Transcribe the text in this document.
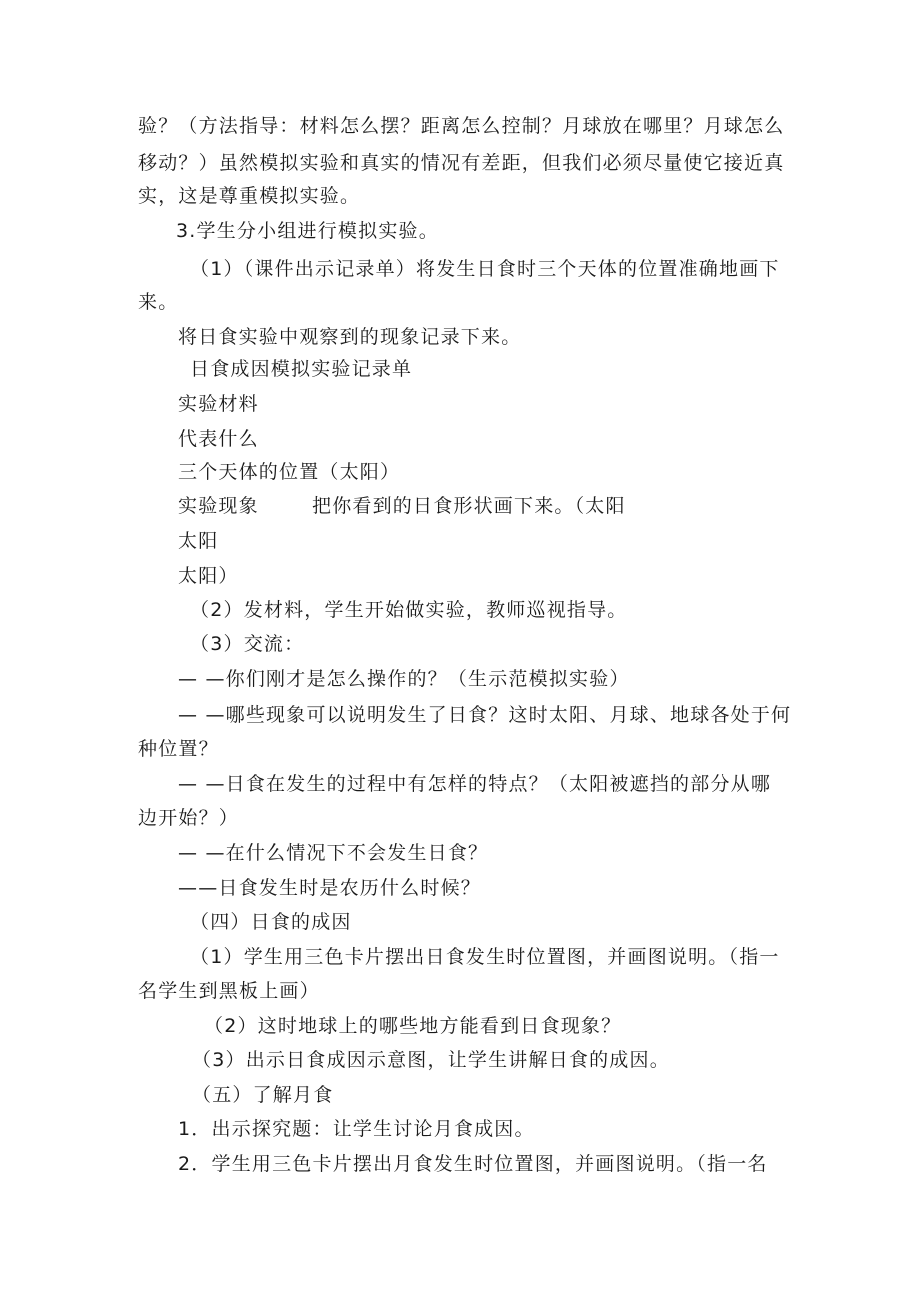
验？（方法指导：材料怎么摆？距离怎么控制？月球放在哪里？月球怎么
移动？）虽然模拟实验和真实的情况有差距，但我们必须尽量使它接近真
实，这是尊重模拟实验。
3.学生分小组进行模拟实验。
（1）（课件出示记录单）将发生日食时三个天体的位置准确地画下
来。
将日食实验中观察到的现象记录下来。
日食成因模拟实验记录单
实验材料
代表什么
三个天体的位置（太阳）
实验现象	把你看到的日食形状画下来。（太阳
太阳
太阳）
（2）发材料，学生开始做实验，教师巡视指导。
（3）交流：
— —你们刚才是怎么操作的？（生示范模拟实验）
— —哪些现象可以说明发生了日食？这时太阳、月球、地球各处于何
种位置？
— —日食在发生的过程中有怎样的特点？（太阳被遮挡的部分从哪
边开始？）
— —在什么情况下不会发生日食？
——日食发生时是农历什么时候？
（四）日食的成因
（1）学生用三色卡片摆出日食发生时位置图，并画图说明。（指一
名学生到黑板上画）
（2）这时地球上的哪些地方能看到日食现象？
（3）出示日食成因示意图，让学生讲解日食的成因。
（五）了解月食
1．出示探究题：让学生讨论月食成因。
2．学生用三色卡片摆出月食发生时位置图，并画图说明。（指一名
